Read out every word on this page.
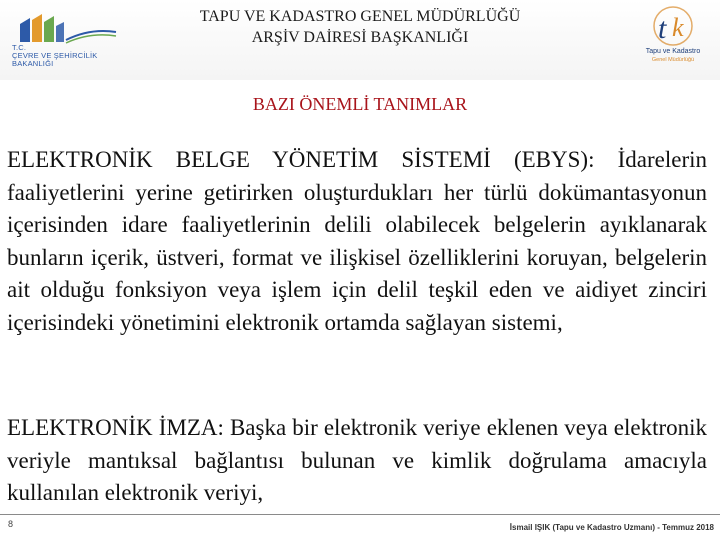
T.C.
ÇEVRE VE ŞEHİRCİLİK
BAKANLIĞI
TAPU VE KADASTRO GENEL MÜDÜRLÜĞÜ
ARŞİV DAİRESİ BAŞKANLIĞI	t k
Tapu ve Kadastro
Genel Müdürlüğü
BAZI ÖNEMLİ TANIMLAR

ELEKTRONİK BELGE YÖNETİM SİSTEMİ (EBYS): İdarelerin faaliyetlerini yerine getirirken oluşturdukları her türlü dokümantasyonun içerisinden idare faaliyetlerinin delili olabilecek belgelerin ayıklanarak bunların içerik, üstveri, format ve ilişkisel özelliklerini koruyan, belgelerin ait olduğu fonksiyon veya işlem için delil teşkil eden ve aidiyet zinciri içerisindeki yönetimini elektronik ortamda sağlayan sistemi,

ELEKTRONİK İMZA: Başka bir elektronik veriye eklenen veya elektronik veriyle mantıksal bağlantısı bulunan ve kimlik doğrulama amacıyla kullanılan elektronik veriyi,

8	İsmail IŞIK (Tapu ve Kadastro Uzmanı) - Temmuz 2018
